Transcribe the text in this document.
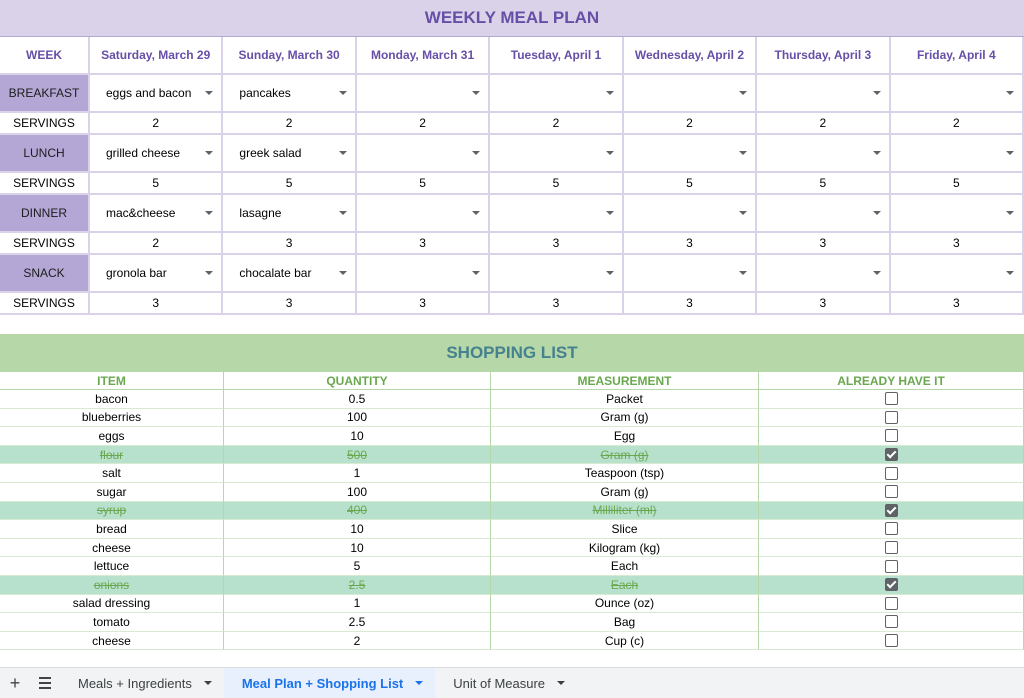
WEEKLY MEAL PLAN
WEEK	Saturday, March 29	Sunday, March 30	Monday, March 31	Tuesday, April 1	Wednesday, April 2	Thursday, April 3	Friday, April 4
BREAKFAST	eggs and bacon	pancakes
SERVINGS	2	2	2	2	2	2	2
LUNCH	grilled cheese	greek salad
SERVINGS	5	5	5	5	5	5	5
DINNER	mac&cheese	lasagne
SERVINGS	2	3	3	3	3	3	3
SNACK	gronola bar	chocalate bar
SERVINGS	3	3	3	3	3	3	3
SHOPPING LIST
ITEM	QUANTITY	MEASUREMENT	ALREADY HAVE IT
bacon	0.5	Packet
blueberries	100	Gram (g)
eggs	10	Egg
flour	500	Gram (g)
salt	1	Teaspoon (tsp)
sugar	100	Gram (g)
syrup	400	Milliliter (ml)
bread	10	Slice
cheese	10	Kilogram (kg)
lettuce	5	Each
onions	2.5	Each
salad dressing	1	Ounce (oz)
tomato	2.5	Bag
cheese	2	Cup (c)
+	Meals + Ingredients	Meal Plan + Shopping List	Unit of Measure
